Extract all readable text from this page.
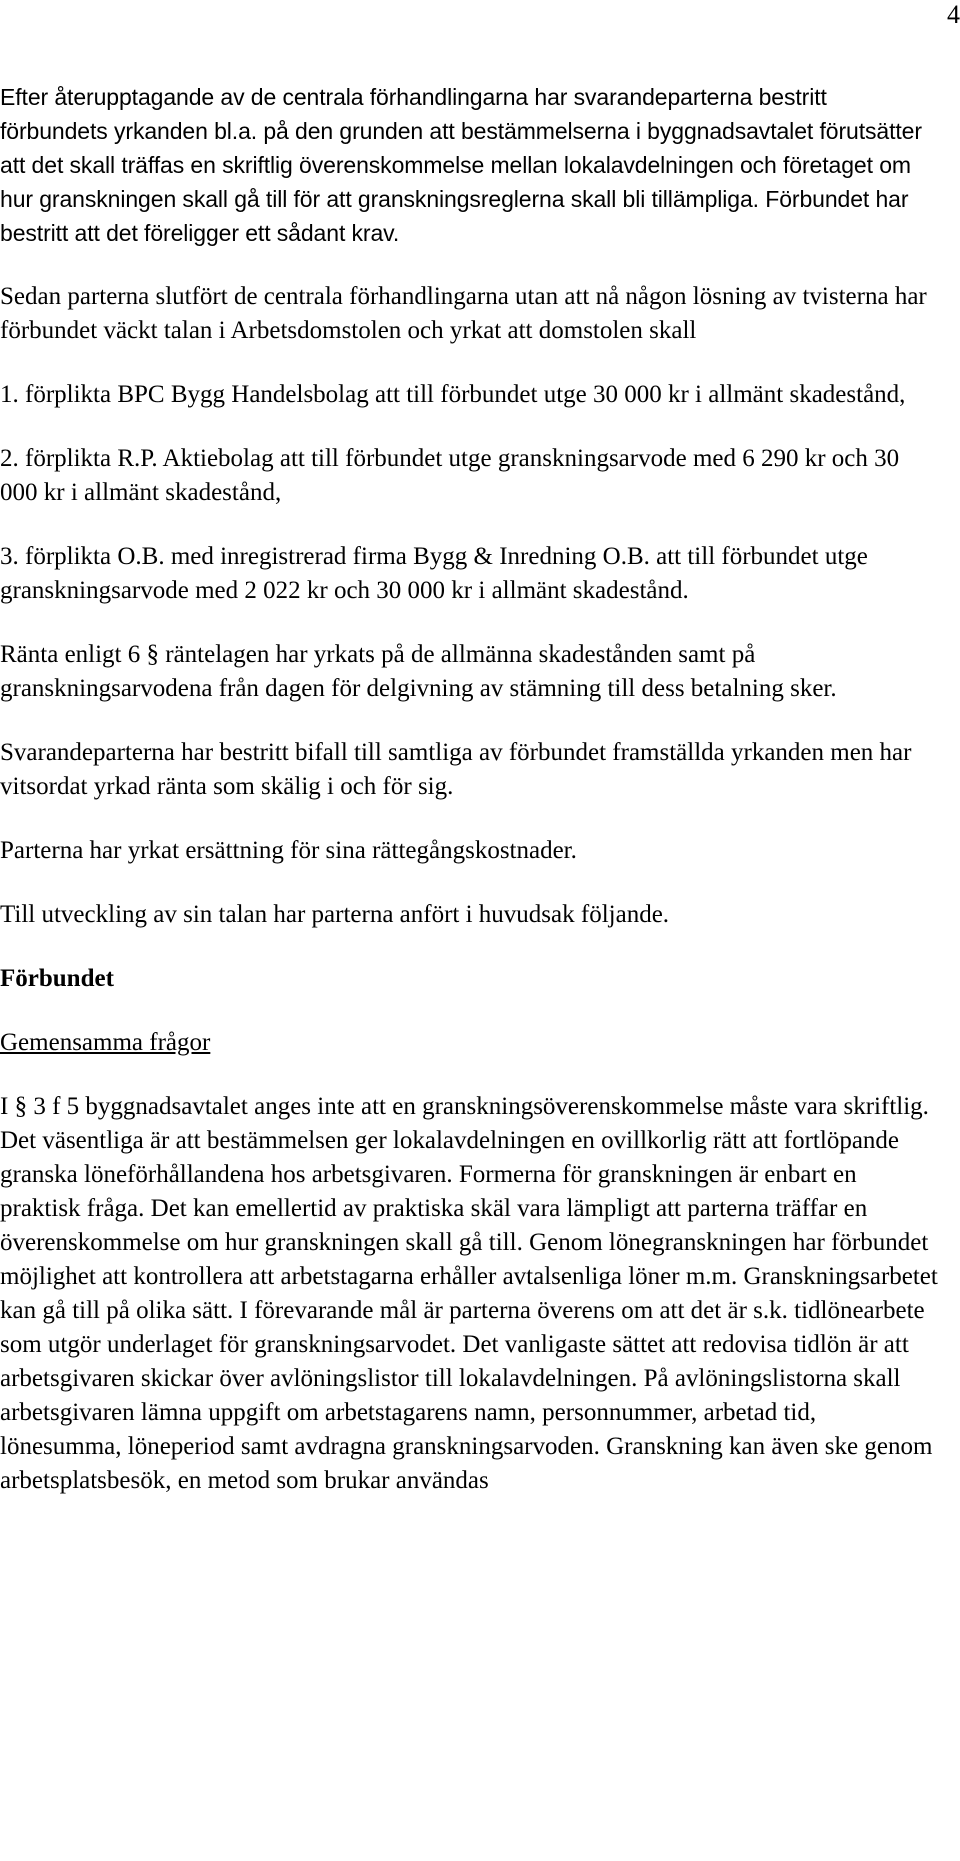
4

Efter återupptagande av de centrala förhandlingarna har svarandeparterna bestritt förbundets yrkanden bl.a. på den grunden att bestämmelserna i byggnadsavtalet förutsätter att det skall träffas en skriftlig överenskommelse mellan lokalavdelningen och företaget om hur granskningen skall gå till för att granskningsreglerna skall bli tillämpliga. Förbundet har bestritt att det föreligger ett sådant krav.

Sedan parterna slutfört de centrala förhandlingarna utan att nå någon lösning av tvisterna har förbundet väckt talan i Arbetsdomstolen och yrkat att domstolen skall

1. förplikta BPC Bygg Handelsbolag att till förbundet utge 30 000 kr i allmänt skadestånd,

2. förplikta R.P. Aktiebolag att till förbundet utge granskningsarvode med 6 290 kr och 30 000 kr i allmänt skadestånd,

3. förplikta O.B. med inregistrerad firma Bygg & Inredning O.B. att till förbundet utge granskningsarvode med 2 022 kr och 30 000 kr i allmänt skadestånd.

Ränta enligt 6 § räntelagen har yrkats på de allmänna skadestånden samt på granskningsarvodena från dagen för delgivning av stämning till dess betalning sker.

Svarandeparterna har bestritt bifall till samtliga av förbundet framställda yrkanden men har vitsordat yrkad ränta som skälig i och för sig.

Parterna har yrkat ersättning för sina rättegångskostnader.

Till utveckling av sin talan har parterna anfört i huvudsak följande.

Förbundet

Gemensamma frågor

I § 3 f 5 byggnadsavtalet anges inte att en granskningsöverenskommelse måste vara skriftlig. Det väsentliga är att bestämmelsen ger lokalavdelningen en ovillkorlig rätt att fortlöpande granska löneförhållandena hos arbetsgivaren. Formerna för granskningen är enbart en praktisk fråga. Det kan emellertid av praktiska skäl vara lämpligt att parterna träffar en överenskommelse om hur granskningen skall gå till. Genom lönegranskningen har förbundet möjlighet att kontrollera att arbetstagarna erhåller avtalsenliga löner m.m. Granskningsarbetet kan gå till på olika sätt. I förevarande mål är parterna överens om att det är s.k. tidlönearbete som utgör underlaget för granskningsarvodet. Det vanligaste sättet att redovisa tidlön är att arbetsgivaren skickar över avlöningslistor till lokalavdelningen. På avlöningslistorna skall arbetsgivaren lämna uppgift om arbetstagarens namn, personnummer, arbetad tid, lönesumma, löneperiod samt avdragna granskningsarvoden. Granskning kan även ske genom arbetsplatsbesök, en metod som brukar användas
